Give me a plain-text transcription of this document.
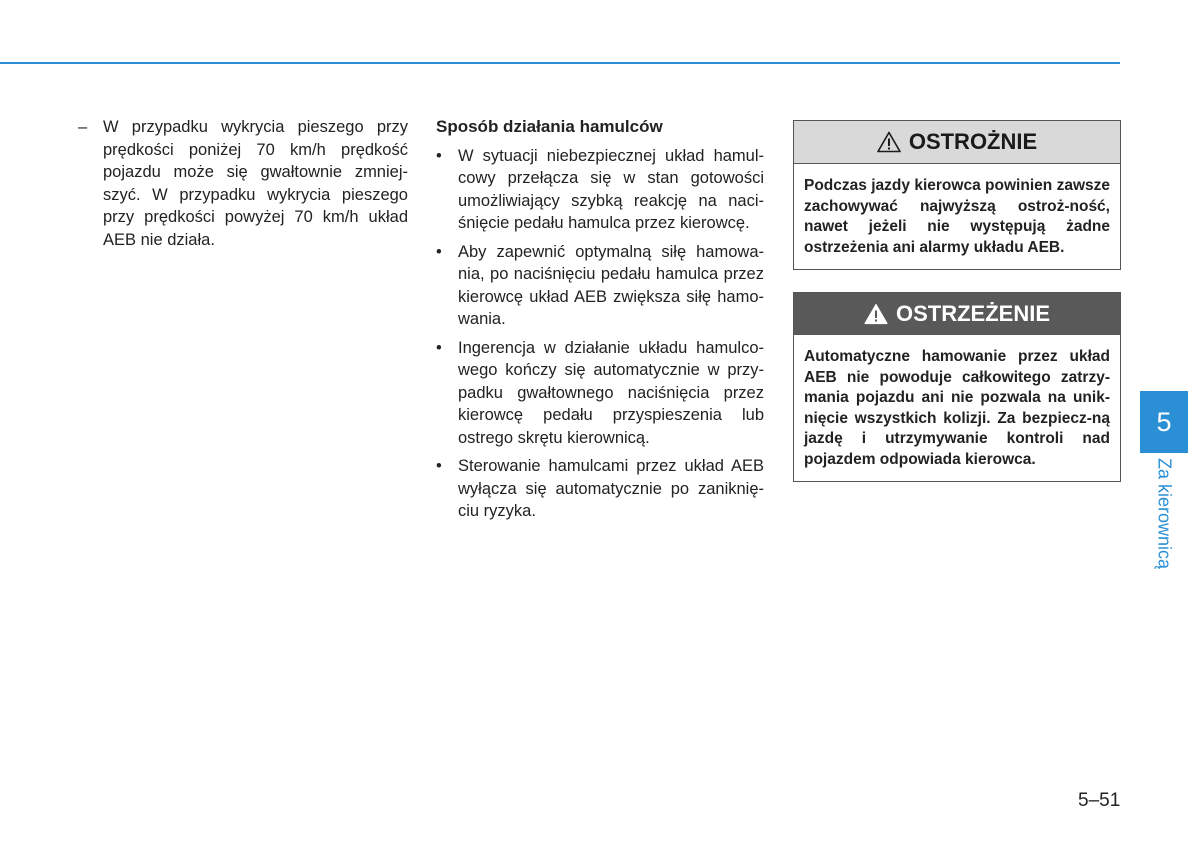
– W przypadku wykrycia pieszego przy prędkości poniżej 70 km/h prędkość pojazdu może się gwałtownie zmniej-szyć. W przypadku wykrycia pieszego przy prędkości powyżej 70 km/h układ AEB nie działa.
Sposób działania hamulców
• W sytuacji niebezpiecznej układ hamul-cowy przełącza się w stan gotowości umożliwiający szybką reakcję na naci-śnięcie pedału hamulca przez kierowcę.
• Aby zapewnić optymalną siłę hamowa-nia, po naciśnięciu pedału hamulca przez kierowcę układ AEB zwiększa siłę hamo-wania.
• Ingerencja w działanie układu hamulco-wego kończy się automatycznie w przy-padku gwałtownego naciśnięcia przez kierowcę pedału przyspieszenia lub ostrego skrętu kierownicą.
• Sterowanie hamulcami przez układ AEB wyłącza się automatycznie po zaniknię-ciu ryzyka.
OSTROŻNIE
Podczas jazdy kierowca powinien zawsze zachowywać najwyższą ostroż-ność, nawet jeżeli nie występują żadne ostrzeżenia ani alarmy układu AEB.
OSTRZEŻENIE
Automatyczne hamowanie przez układ AEB nie powoduje całkowitego zatrzy-mania pojazdu ani nie pozwala na unik-nięcie wszystkich kolizji. Za bezpiecz-ną jazdę i utrzymywanie kontroli nad pojazdem odpowiada kierowca.
5
Za kierownicą
5–51
